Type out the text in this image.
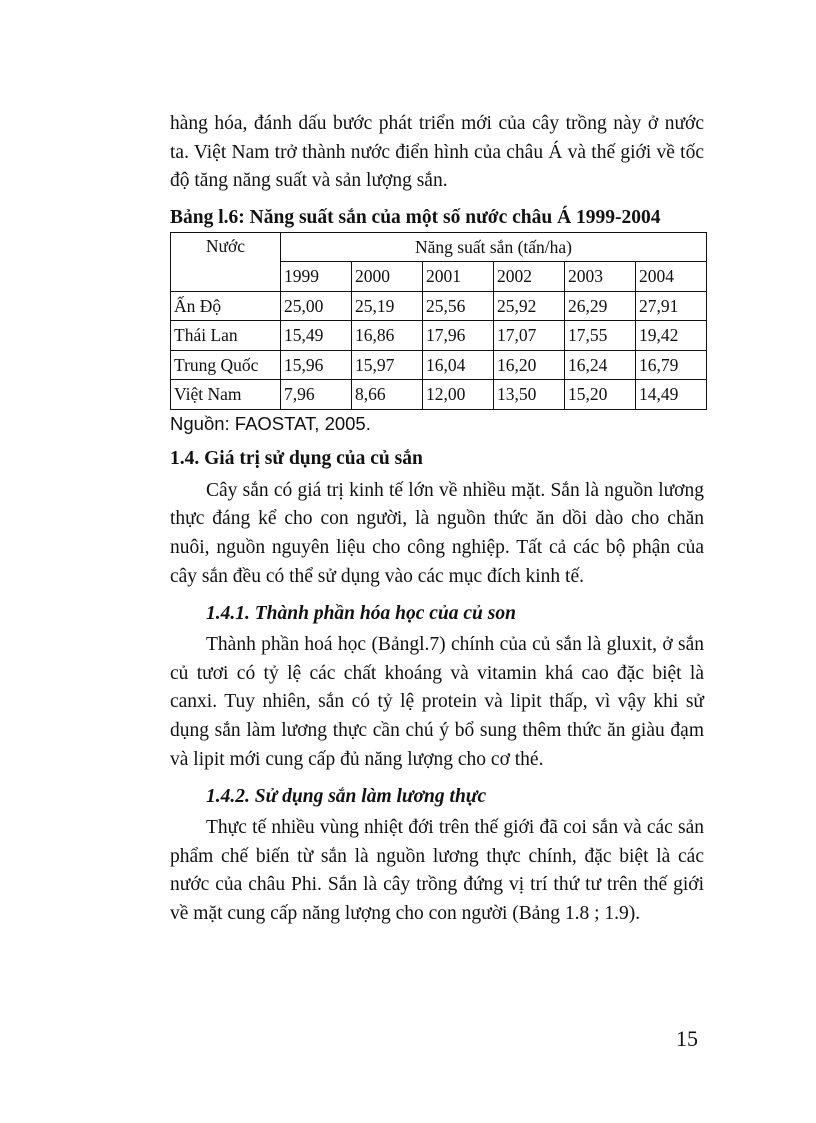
hàng hóa, đánh dấu bước phát triển mới của cây trồng này ở nước ta. Việt Nam trở thành nước điển hình của châu Á và thế giới về tốc độ tăng năng suất và sản lượng sắn.

Bảng l.6: Năng suất sắn của một số nước châu Á 1999-2004
Nước	Năng suất sắn (tấn/ha)					
	1999	2000	2001	2002	2003	2004
Ấn Độ	25,00	25,19	25,56	25,92	26,29	27,91
Thái Lan	15,49	16,86	17,96	17,07	17,55	19,42
Trung Quốc	15,96	15,97	16,04	16,20	16,24	16,79
Việt Nam	7,96	8,66	12,00	13,50	15,20	14,49
Nguồn: FAOSTAT, 2005.
1.4. Giá trị sử dụng của củ sắn

Cây sắn có giá trị kinh tế lớn về nhiều mặt. Sắn là nguồn lương thực đáng kể cho con người, là nguồn thức ăn dồi dào cho chăn nuôi, nguồn nguyên liệu cho công nghiệp. Tất cả các bộ phận của cây sắn đều có thể sử dụng vào các mục đích kinh tế.

1.4.1. Thành phần hóa học của củ son

Thành phần hoá học (Bảngl.7) chính của củ sắn là gluxit, ở sắn củ tươi có tỷ lệ các chất khoáng và vitamin khá cao đặc biệt là canxi. Tuy nhiên, sắn có tỷ lệ protein và lipit thấp, vì vậy khi sử dụng sắn làm lương thực cần chú ý bổ sung thêm thức ăn giàu đạm và lipit mới cung cấp đủ năng lượng cho cơ thé.

1.4.2. Sử dụng sắn làm lương thực

Thực tế nhiều vùng nhiệt đới trên thế giới đã coi sắn và các sản phẩm chế biến từ sắn là nguồn lương thực chính, đặc biệt là các nước của châu Phi. Sắn là cây trồng đứng vị trí thứ tư trên thế giới về mặt cung cấp năng lượng cho con người (Bảng 1.8 ; 1.9).

15
